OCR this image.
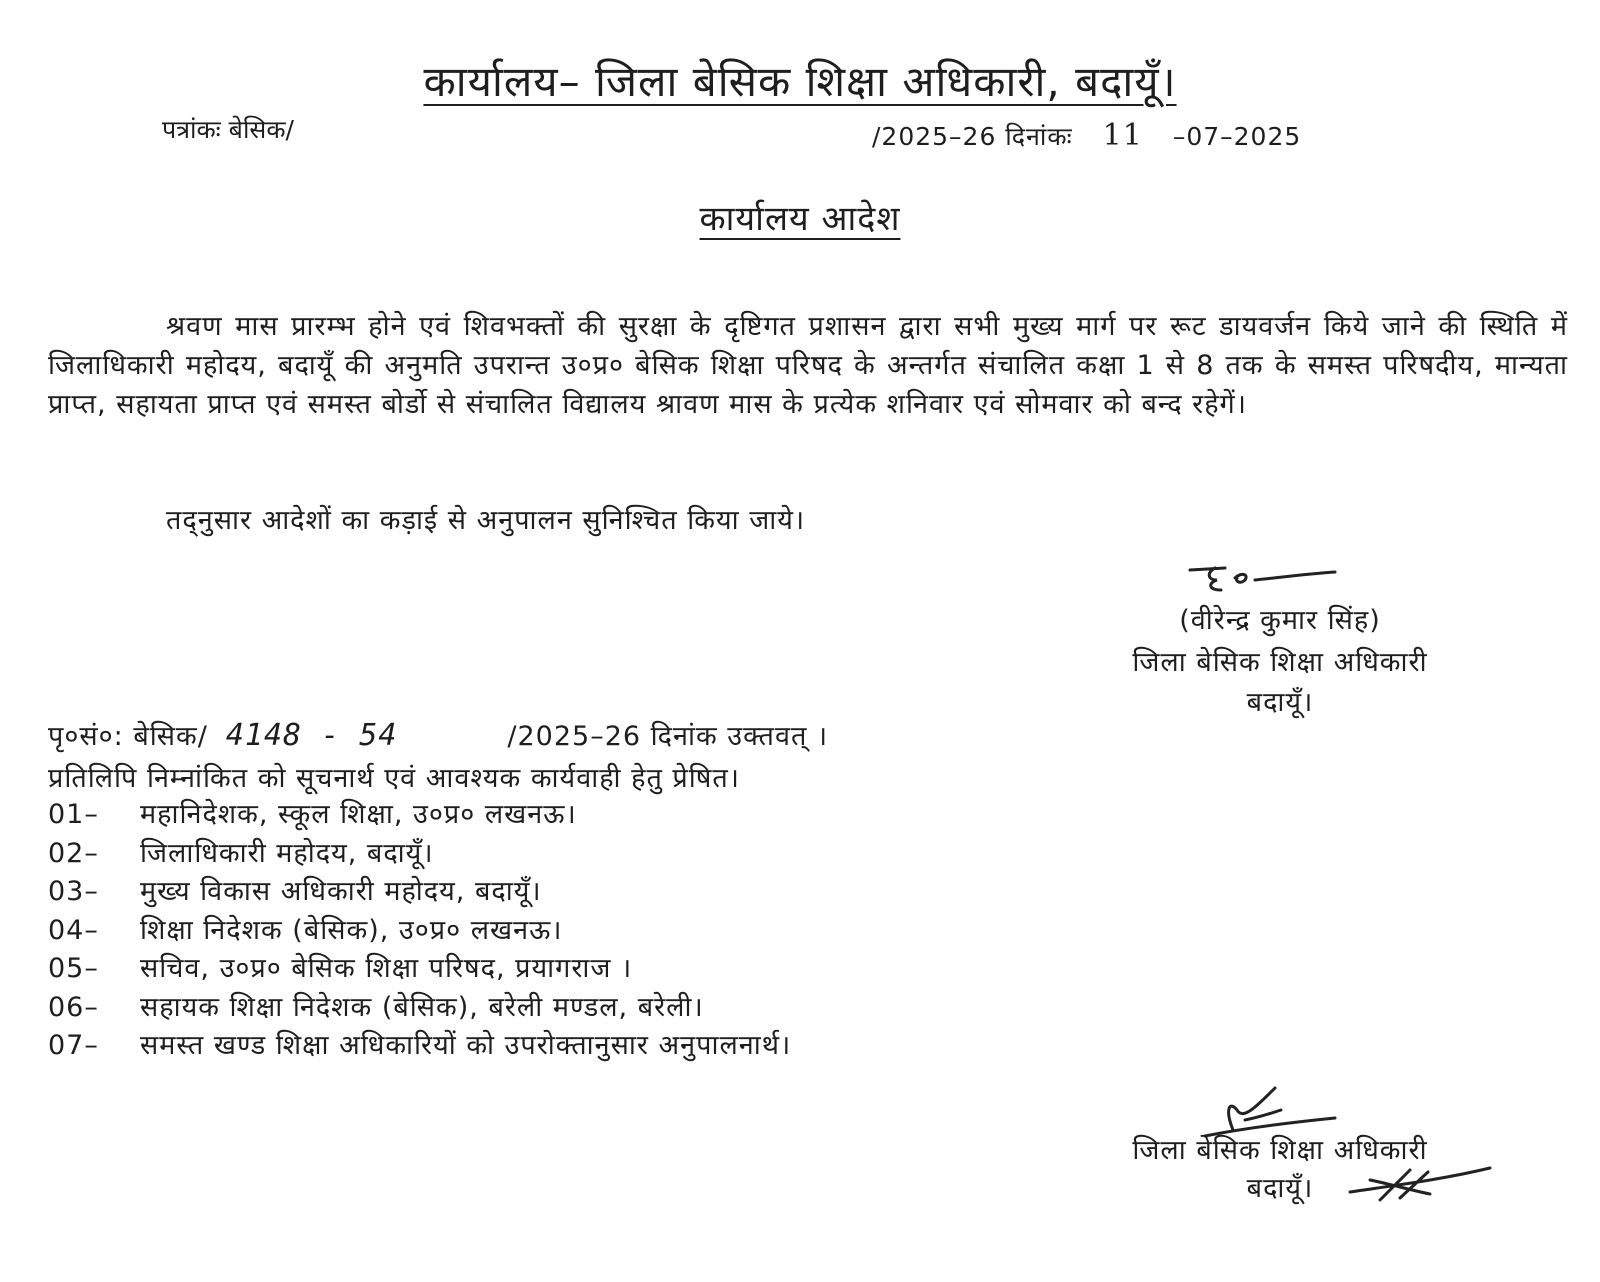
कार्यालय– जिला बेसिक शिक्षा अधिकारी, बदायूँ।
पत्रांकः बेसिक/	/2025–26 दिनांकः 11 –07–2025
कार्यालय आदेश

श्रवण मास प्रारम्भ होने एवं शिवभक्तों की सुरक्षा के दृष्टिगत प्रशासन द्वारा सभी मुख्य मार्ग पर रूट डायवर्जन किये जाने की स्थिति में जिलाधिकारी महोदय, बदायूँ की अनुमति उपरान्त उ०प्र० बेसिक शिक्षा परिषद के अन्तर्गत संचालित कक्षा 1 से 8 तक के समस्त परिषदीय, मान्यता प्राप्त, सहायता प्राप्त एवं समस्त बोर्डो से संचालित विद्यालय श्रावण मास के प्रत्येक शनिवार एवं सोमवार को बन्द रहेगें।

तद्नुसार आदेशों का कड़ाई से अनुपालन सुनिश्चित किया जाये।

(वीरेन्द्र कुमार सिंह)
जिला बेसिक शिक्षा अधिकारी
बदायूँ।
पृ०सं०: बेसिक/ 4148 - 54	/2025–26 दिनांक उक्तवत् ।
प्रतिलिपि निम्नांकित को सूचनार्थ एवं आवश्यक कार्यवाही हेतु प्रेषित।
01– महानिदेशक, स्कूल शिक्षा, उ०प्र० लखनऊ।
02– जिलाधिकारी महोदय, बदायूँ।
03– मुख्य विकास अधिकारी महोदय, बदायूँ।
04– शिक्षा निदेशक (बेसिक), उ०प्र० लखनऊ।
05– सचिव, उ०प्र० बेसिक शिक्षा परिषद, प्रयागराज ।
06– सहायक शिक्षा निदेशक (बेसिक), बरेली मण्डल, बरेली।
07– समस्त खण्ड शिक्षा अधिकारियों को उपरोक्तानुसार अनुपालनार्थ।
जिला बेसिक शिक्षा अधिकारी
बदायूँ।
